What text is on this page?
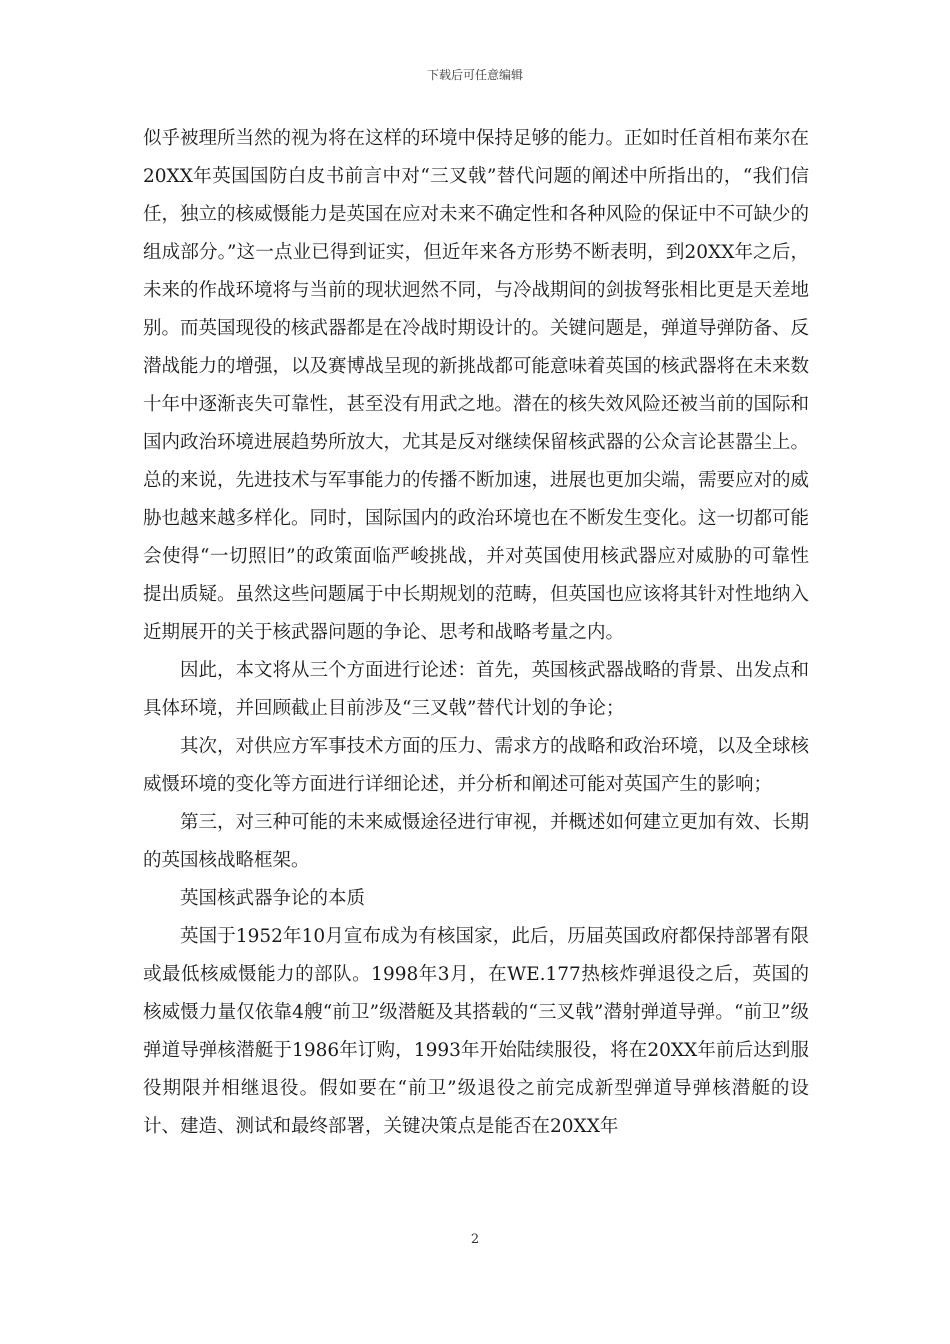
下载后可任意编辑

似乎被理所当然的视为将在这样的环境中保持足够的能力。正如时任首相布莱尔在20XX年英国国防白皮书前言中对“三叉戟”替代问题的阐述中所指出的，“我们信任，独立的核威慑能力是英国在应对未来不确定性和各种风险的保证中不可缺少的组成部分。”这一点业已得到证实，但近年来各方形势不断表明，到20XX年之后，未来的作战环境将与当前的现状迥然不同，与冷战期间的剑拔弩张相比更是天差地别。而英国现役的核武器都是在冷战时期设计的。关键问题是，弹道导弹防备、反潜战能力的增强，以及赛博战呈现的新挑战都可能意味着英国的核武器将在未来数十年中逐渐丧失可靠性，甚至没有用武之地。潜在的核失效风险还被当前的国际和国内政治环境进展趋势所放大，尤其是反对继续保留核武器的公众言论甚嚣尘上。总的来说，先进技术与军事能力的传播不断加速，进展也更加尖端，需要应对的威胁也越来越多样化。同时，国际国内的政治环境也在不断发生变化。这一切都可能会使得“一切照旧”的政策面临严峻挑战，并对英国使用核武器应对威胁的可靠性提出质疑。虽然这些问题属于中长期规划的范畴，但英国也应该将其针对性地纳入近期展开的关于核武器问题的争论、思考和战略考量之内。

因此，本文将从三个方面进行论述：首先，英国核武器战略的背景、出发点和具体环境，并回顾截止目前涉及“三叉戟”替代计划的争论；

其次，对供应方军事技术方面的压力、需求方的战略和政治环境，以及全球核威慑环境的变化等方面进行详细论述，并分析和阐述可能对英国产生的影响；

第三，对三种可能的未来威慑途径进行审视，并概述如何建立更加有效、长期的英国核战略框架。

英国核武器争论的本质

英国于1952年10月宣布成为有核国家，此后，历届英国政府都保持部署有限或最低核威慑能力的部队。1998年3月，在WE.177热核炸弹退役之后，英国的核威慑力量仅依靠4艘“前卫”级潜艇及其搭载的“三叉戟”潜射弹道导弹。“前卫”级弹道导弹核潜艇于1986年订购，1993年开始陆续服役，将在20XX年前后达到服役期限并相继退役。假如要在“前卫”级退役之前完成新型弹道导弹核潜艇的设计、建造、测试和最终部署，关键决策点是能否在20XX年

2
